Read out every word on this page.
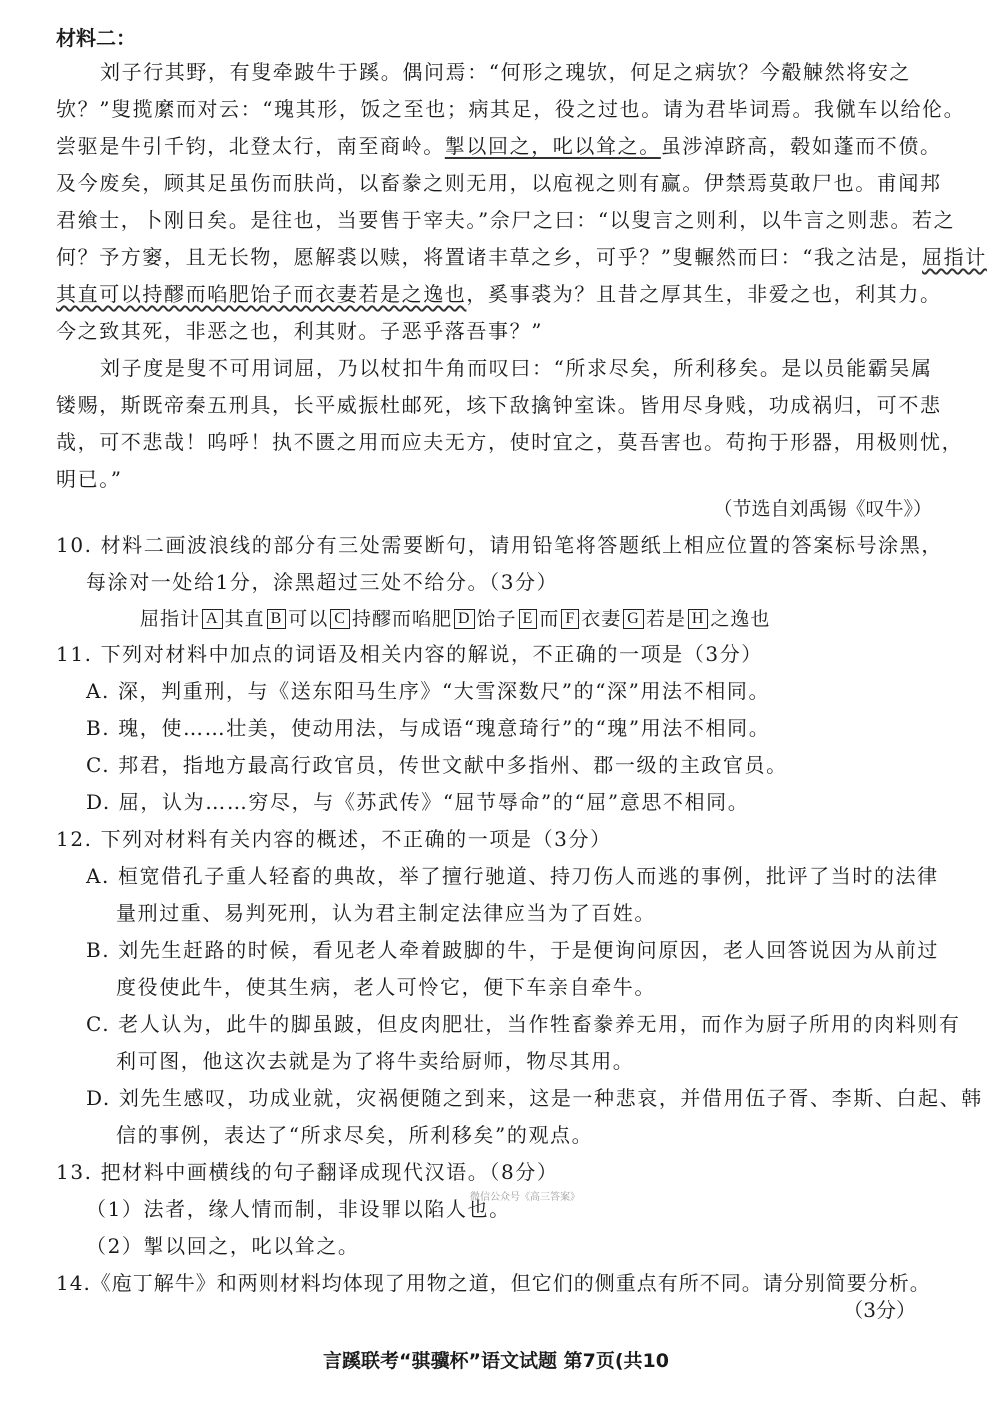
材料二：
刘子行其野，有叟牵跛牛于蹊。偶问焉：“何形之瑰欤，何足之病欤？今觳觫然将安之
欤？”叟揽縻而对云：“瑰其形，饭之至也；病其足，役之过也。请为君毕词焉。我僦车以给伦。
尝驱是牛引千钧，北登太行，南至商岭。掣以回之，叱以耸之。虽涉淖跻高，毂如蓬而不偾。
及今废矣，顾其足虽伤而肤尚，以畜豢之则无用，以庖视之则有赢。伊禁焉莫敢尸也。甫闻邦
君飨士，卜刚日矣。是往也，当要售于宰夫。”佘尸之曰：“以叟言之则利，以牛言之则悲。若之
何？予方窭，且无长物，愿解裘以赎，将置诸丰草之乡，可乎？”叟輾然而曰：“我之沽是，屈指计
其直可以持醪而啗肥饴子而衣妻若是之逸也，奚事裘为？且昔之厚其生，非爱之也，利其力。
今之致其死，非恶之也，利其财。子恶乎落吾事？”
刘子度是叟不可用词屈，乃以杖扣牛角而叹曰：“所求尽矣，所利移矣。是以员能霸吴属
镂赐，斯既帝秦五刑具，长平威振杜邮死，垓下敌擒钟室诛。皆用尽身贱，功成祸归，可不悲
哉，可不悲哉！呜呼！执不匮之用而应夫无方，使时宜之，莫吾害也。苟拘于形器，用极则忧，
明已。”
（节选自刘禹锡《叹牛》）
10. 材料二画波浪线的部分有三处需要断句，请用铅笔将答题纸上相应位置的答案标号涂黑，
每涂对一处给1分，涂黑超过三处不给分。（3分）
屈指计 A 其直 B 可以 C 持醪而啗肥 D 饴子 E 而 F 衣妻 G 若是 H 之逸也
11. 下列对材料中加点的词语及相关内容的解说，不正确的一项是（3分）
A. 深，判重刑，与《送东阳马生序》“大雪深数尺”的“深”用法不相同。
B. 瑰，使……壮美，使动用法，与成语“瑰意琦行”的“瑰”用法不相同。
C. 邦君，指地方最高行政官员，传世文献中多指州、郡一级的主政官员。
D. 屈，认为……穷尽，与《苏武传》“屈节辱命”的“屈”意思不相同。
12. 下列对材料有关内容的概述，不正确的一项是（3分）
A. 桓宽借孔子重人轻畜的典故，举了擅行驰道、持刀伤人而逃的事例，批评了当时的法律
量刑过重、易判死刑，认为君主制定法律应当为了百姓。
B. 刘先生赶路的时候，看见老人牵着跛脚的牛，于是便询问原因，老人回答说因为从前过
度役使此牛，使其生病，老人可怜它，便下车亲自牵牛。
C. 老人认为，此牛的脚虽跛，但皮肉肥壮，当作牲畜豢养无用，而作为厨子所用的肉料则有
利可图，他这次去就是为了将牛卖给厨师，物尽其用。
D. 刘先生感叹，功成业就，灾祸便随之到来，这是一种悲哀，并借用伍子胥、李斯、白起、韩
信的事例，表达了“所求尽矣，所利移矣”的观点。
13. 把材料中画横线的句子翻译成现代汉语。（8分）
（1）法者，缘人情而制，非设罪以陷人也。
微信公众号《高三答案》
（2）掣以回之，叱以耸之。
14.《庖丁解牛》和两则材料均体现了用物之道，但它们的侧重点有所不同。请分别简要分析。
（3分）
言蹊联考“骐骥杯”语文试题 第7页(共10
